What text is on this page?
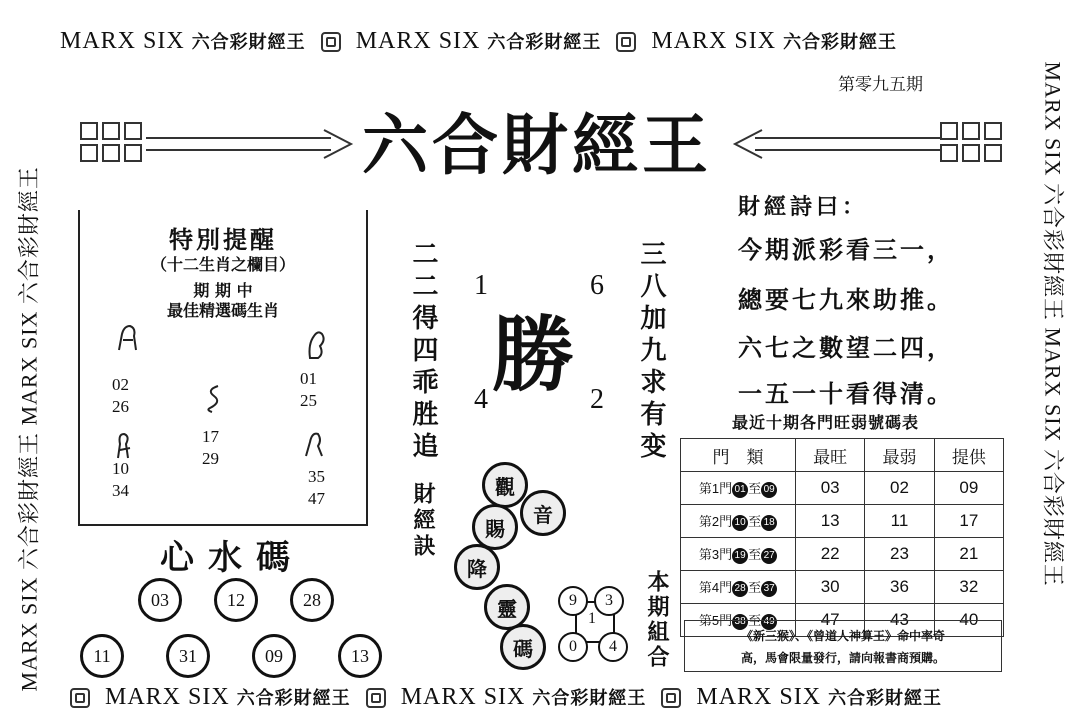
MARX SIX 六合彩財經王 MARX SIX 六合彩財經王 MARX SIX 六合彩財經王
MARX SIX 六合彩財經王 MARX SIX 六合彩財經王 MARX SIX 六合彩財經王
MARX SIX 六合彩財經王 MARX SIX 六合彩財經王	MARX SIX 六合彩財經王 MARX SIX 六合彩財經王
第零九五期

六合財經王

特別提醒
（十二生肖之欄目）
期 期 中
最佳精選碼生肖
02
26
17
29
01
25
10
34
35
47
心水碼
03	12	28
11	31	09	13
二二得四乖胜追	三八加九求有变
1	6
4	2
勝
財經訣	觀
音
賜
降
靈
碼
9	3
1
0	4	本期組合
財經詩曰：
今期派彩看三一，
總要七九來助推。
六七之數望二四，
一五一十看得清。
最近十期各門旺弱號碼表
門　類	最旺	最弱	提供
第1門 01 至 09	03	02	09
第2門 10 至 18	13	11	17
第3門 19 至 27	22	23	21
第4門 28 至 37	30	36	32
第5門 38 至 49	47	43	40
《新三猴》、《曾道人神算王》命中率奇
高，馬會限量發行，請向報書商預購。
